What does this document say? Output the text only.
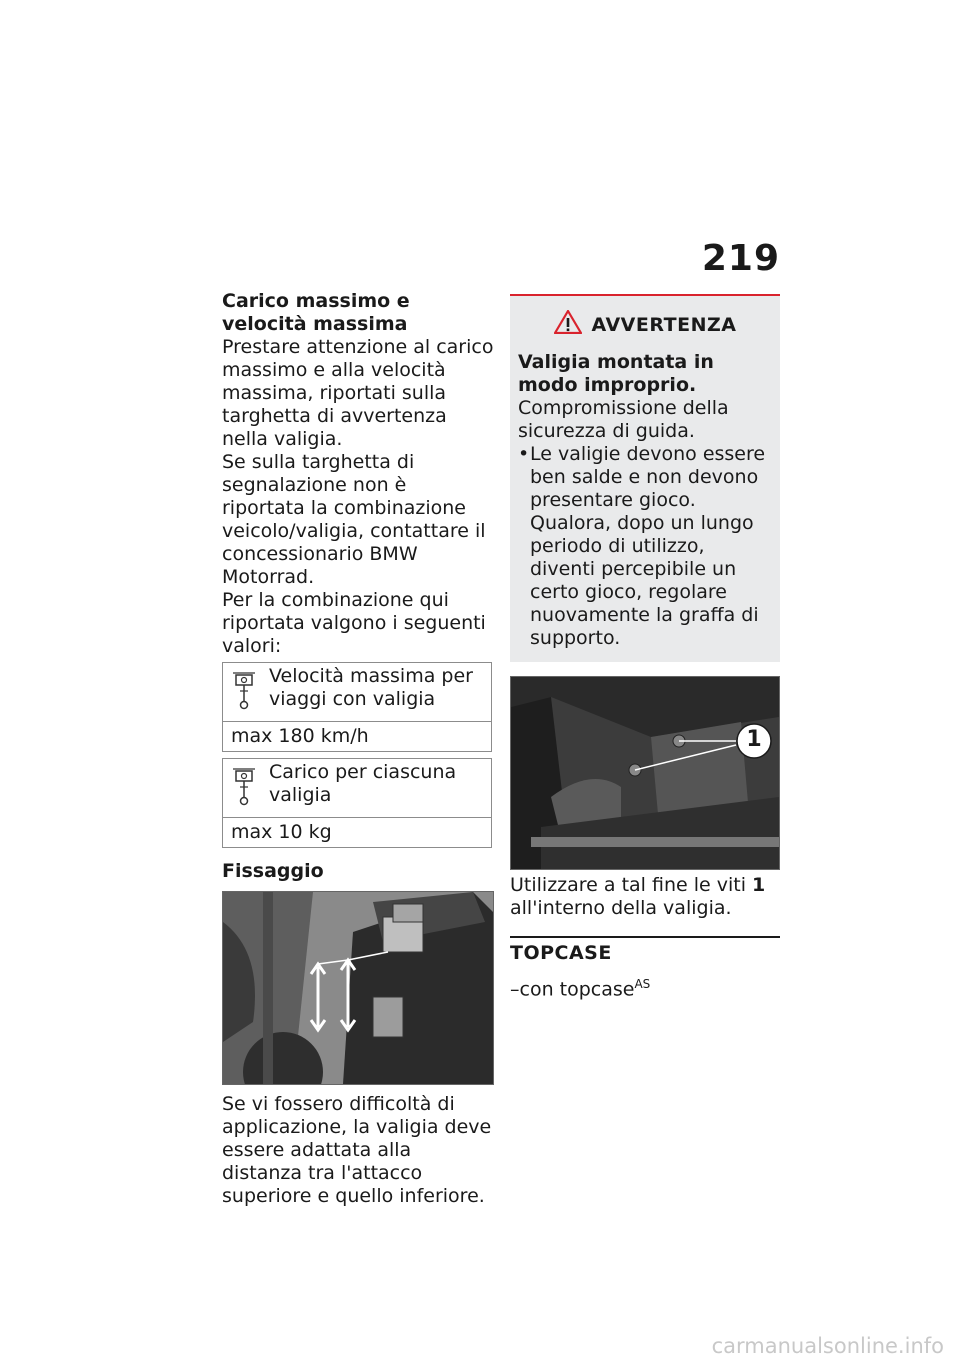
219

Carico massimo e velocità massima

Prestare attenzione al carico massimo e alla velocità massima, riportati sulla targhetta di avvertenza nella valigia.

Se sulla targhetta di segnalazione non è riportata la combinazione veicolo/valigia, contattare il concessionario BMW Motorrad.

Per la combinazione qui riportata valgono i seguenti valori:

Velocità massima per viaggi con valigia
max 180 km/h
Carico per ciascuna valigia
max 10 kg

Fissaggio

Se vi fossero difficoltà di applicazione, la valigia deve essere adattata alla distanza tra l'attacco superiore e quello inferiore.

AVVERTENZA

Valigia montata in modo improprio.

Compromissione della sicurezza di guida.

• Le valigie devono essere ben salde e non devono presentare gioco. Qualora, dopo un lungo periodo di utilizzo, diventi percepibile un certo gioco, regolare nuovamente la graffa di supporto.
1

Utilizzare a tal fine le viti 1 all'interno della valigia.

TOPCASE

–con topcase$^{AS}$

carmanualsonline.info
